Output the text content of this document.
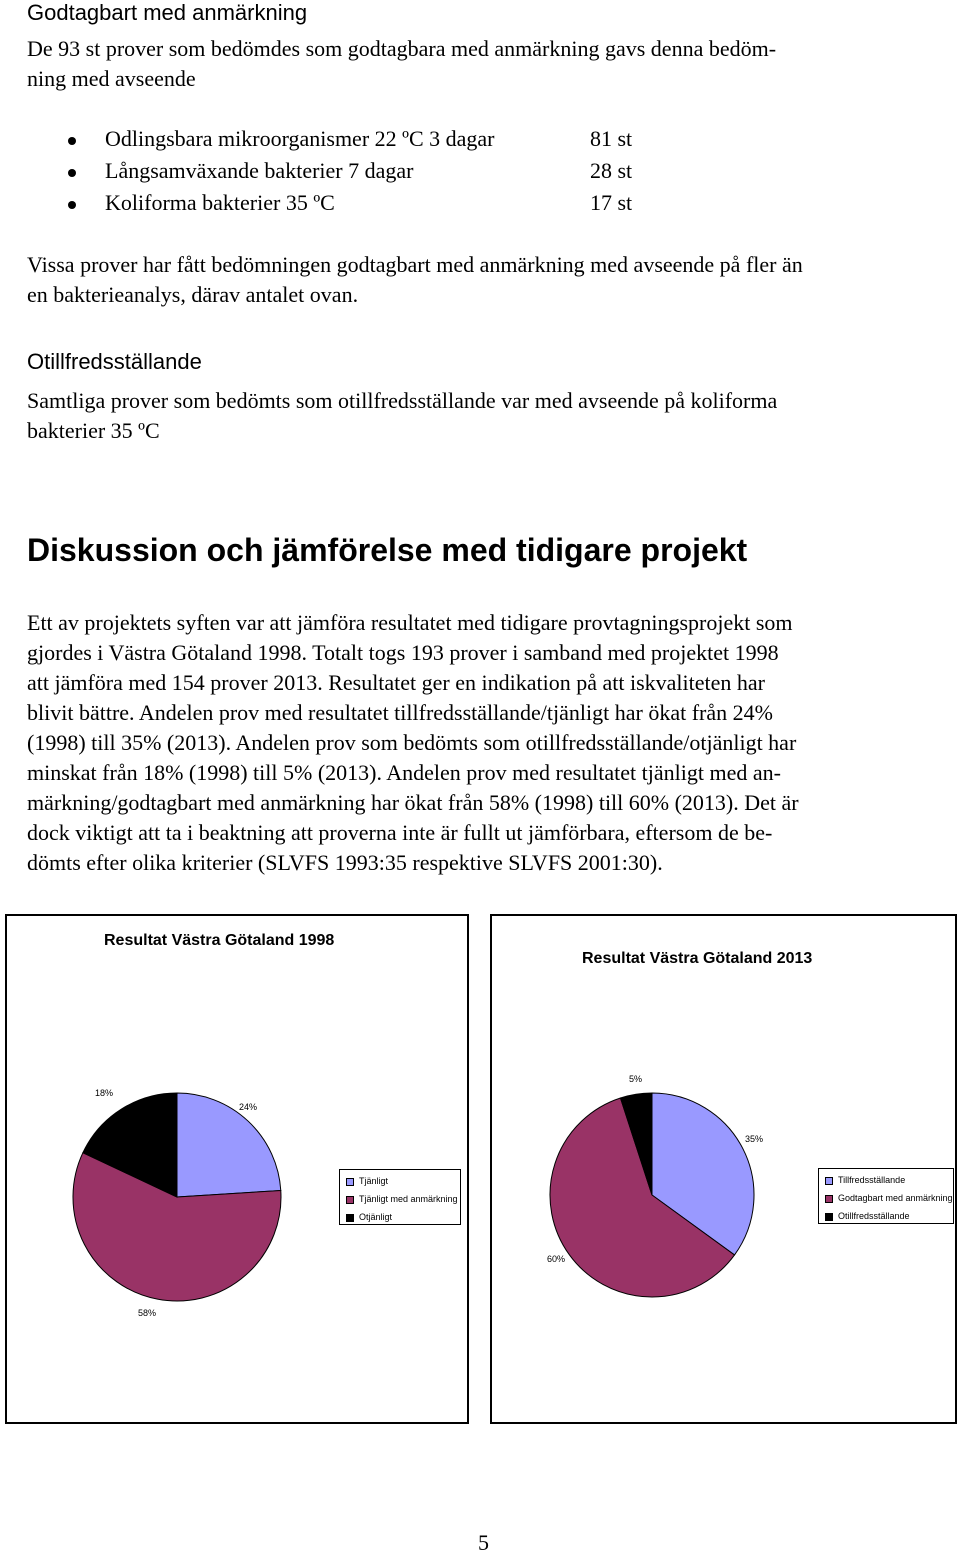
Godtagbart med anmärkning

De 93 st prover som bedömdes som godtagbara med anmärkning gavs denna bedöm-
ning med avseende

Odlingsbara mikroorganismer 22 ºC 3 dagar	81 st
Långsamväxande bakterier 7 dagar	28 st
Koliforma bakterier 35 ºC	17 st

Vissa prover har fått bedömningen godtagbart med anmärkning med avseende på fler än
en bakterieanalys, därav antalet ovan.

Otillfredsställande

Samtliga prover som bedömts som otillfredsställande var med avseende på koliforma
bakterier 35 ºC

Diskussion och jämförelse med tidigare projekt

Ett av projektets syften var att jämföra resultatet med tidigare provtagningsprojekt som
gjordes i Västra Götaland 1998. Totalt togs 193 prover i samband med projektet 1998
att jämföra med 154 prover 2013. Resultatet ger en indikation på att iskvaliteten har
blivit bättre. Andelen prov med resultatet tillfredsställande/tjänligt har ökat från 24%
(1998) till 35% (2013). Andelen prov som bedömts som otillfredsställande/otjänligt har
minskat från 18% (1998) till 5% (2013). Andelen prov med resultatet tjänligt med an-
märkning/godtagbart med anmärkning har ökat från 58% (1998) till 60% (2013). Det är
dock viktigt att ta i beaktning att proverna inte är fullt ut jämförbara, eftersom de be-
dömts efter olika kriterier (SLVFS 1993:35 respektive SLVFS 2001:30).

Resultat Västra Götaland 1998
24%
58%
18%
Tjänligt
Tjänligt med anmärkning
Otjänligt
Resultat Västra Götaland 2013
35%
60%
5%
Tillfredsställande
Godtagbart med anmärkning
Otillfredsställande
5
